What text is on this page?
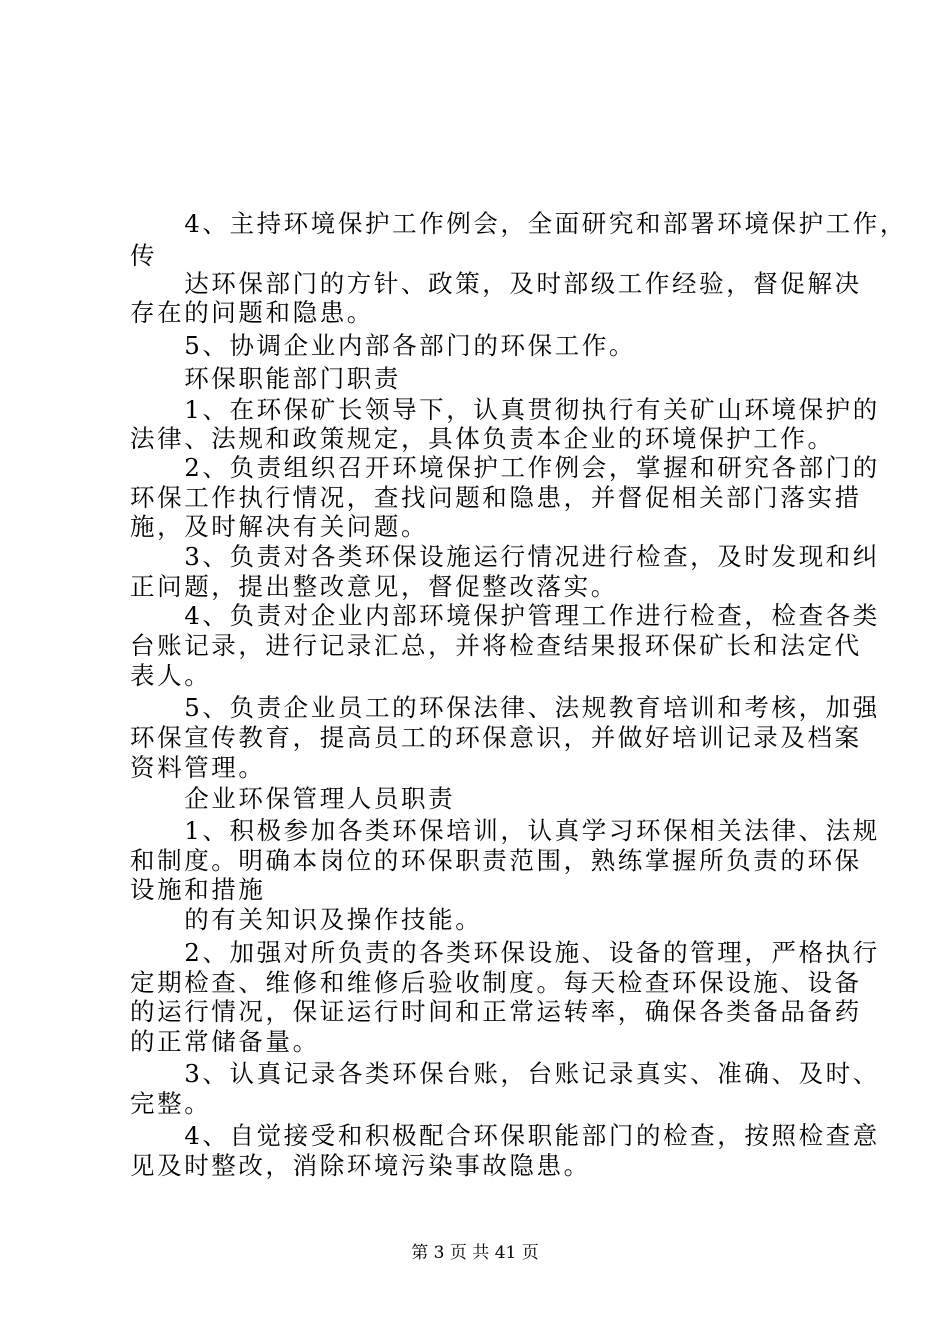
　　4、主持环境保护工作例会，全面研究和部署环境保护工作，
传
　　达环保部门的方针、政策，及时部级工作经验，督促解决
存在的问题和隐患。
　　5、协调企业内部各部门的环保工作。
　　环保职能部门职责
　　1、在环保矿长领导下，认真贯彻执行有关矿山环境保护的
法律、法规和政策规定，具体负责本企业的环境保护工作。
　　2、负责组织召开环境保护工作例会，掌握和研究各部门的
环保工作执行情况，查找问题和隐患，并督促相关部门落实措
施，及时解决有关问题。
　　3、负责对各类环保设施运行情况进行检查，及时发现和纠
正问题，提出整改意见，督促整改落实。
　　4、负责对企业内部环境保护管理工作进行检查，检查各类
台账记录，进行记录汇总，并将检查结果报环保矿长和法定代
表人。
　　5、负责企业员工的环保法律、法规教育培训和考核，加强
环保宣传教育，提高员工的环保意识，并做好培训记录及档案
资料管理。
　　企业环保管理人员职责
　　1、积极参加各类环保培训，认真学习环保相关法律、法规
和制度。明确本岗位的环保职责范围，熟练掌握所负责的环保
设施和措施
　　的有关知识及操作技能。
　　2、加强对所负责的各类环保设施、设备的管理，严格执行
定期检查、维修和维修后验收制度。每天检查环保设施、设备
的运行情况，保证运行时间和正常运转率，确保各类备品备药
的正常储备量。
　　3、认真记录各类环保台账，台账记录真实、准确、及时、
完整。
　　4、自觉接受和积极配合环保职能部门的检查，按照检查意
见及时整改，消除环境污染事故隐患。
第 3 页 共 41 页
